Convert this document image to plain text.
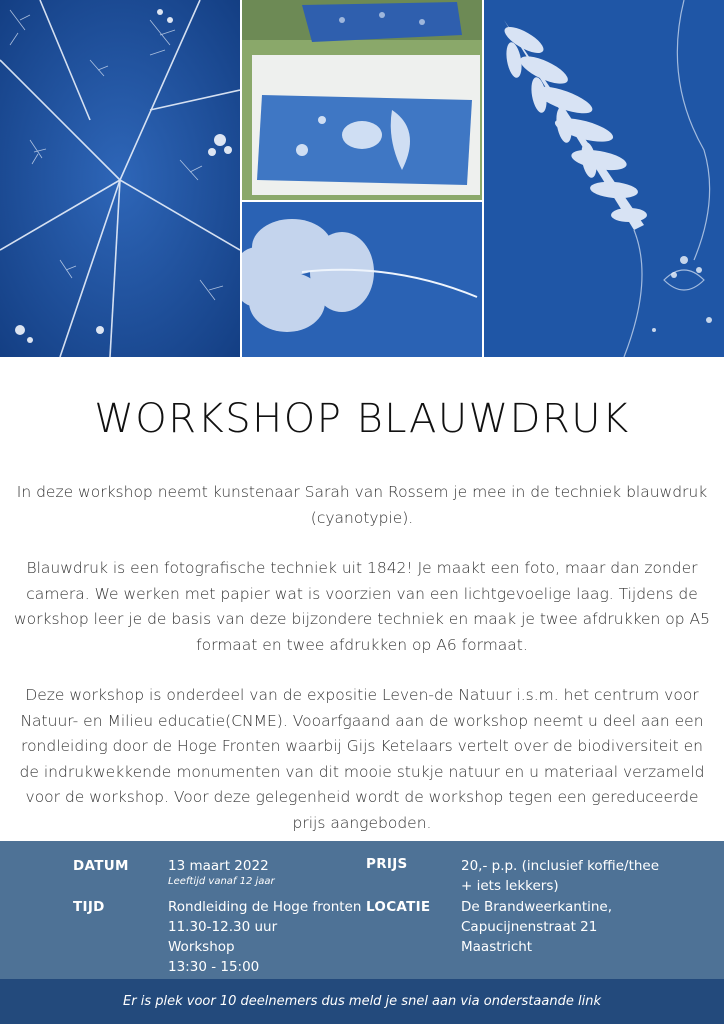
WORKSHOP BLAUWDRUK

In deze workshop neemt kunstenaar Sarah van Rossem je mee in de techniek blauwdruk (cyanotypie).

Blauwdruk is een fotografische techniek uit 1842! Je maakt een foto, maar dan zonder camera. We werken met papier wat is voorzien van een lichtgevoelige laag. Tijdens de workshop leer je de basis van deze bijzondere techniek en maak je twee afdrukken op A5 formaat en twee afdrukken op A6 formaat.

Deze workshop is onderdeel van de expositie Leven-de Natuur i.s.m. het centrum voor Natuur- en Milieu educatie(CNME). Vooarfgaand aan de workshop neemt u deel aan een rondleiding door de Hoge Fronten waarbij Gijs Ketelaars vertelt over de biodiversiteit en de indrukwekkende monumenten van dit mooie stukje natuur en u materiaal verzameld voor de workshop. Voor deze gelegenheid wordt de workshop tegen een gereduceerde prijs aangeboden.

DATUM	13 maart 2022
Leeftijd vanaf 12 jaar
TIJD	Rondleiding de Hoge fronten
11.30-12.30 uur
Workshop
13:30 - 15:00
PRIJS	20,- p.p. (inclusief koffie/thee
+ iets lekkers)
LOCATIE De Brandweerkantine,
Capucijnenstraat 21
Maastricht
Er is plek voor 10 deelnemers dus meld je snel aan via onderstaande link
